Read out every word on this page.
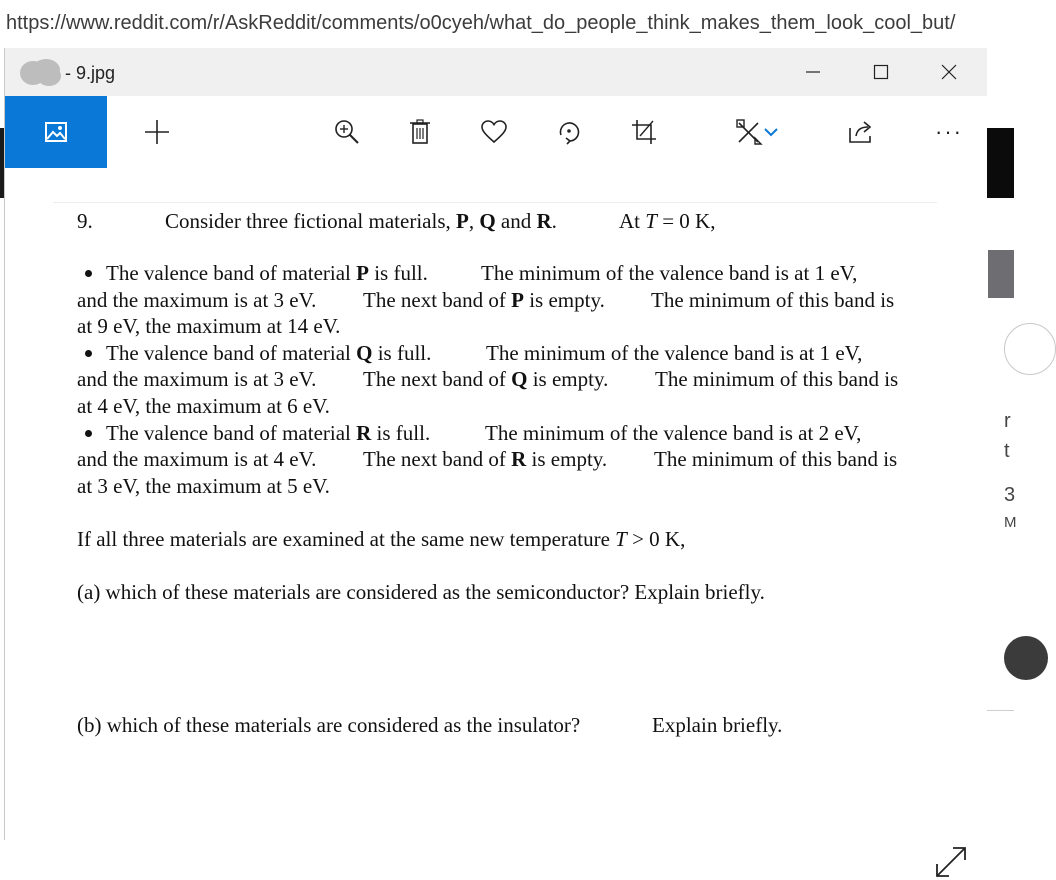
https://www.reddit.com/r/AskReddit/comments/o0cyeh/what_do_people_think_makes_them_look_cool_but/
r
t
3
M
- 9.jpg
···
9.	Consider three fictional materials, P, Q and R.	At T = 0 K,
The valence band of material P is full.	The minimum of the valence band is at 1 eV,
and the maximum is at 3 eV. The next band of P is empty. The minimum of this band is
at 9 eV, the maximum at 14 eV.
The valence band of material Q is full.	The minimum of the valence band is at 1 eV,
and the maximum is at 3 eV. The next band of Q is empty. The minimum of this band is
at 4 eV, the maximum at 6 eV.
The valence band of material R is full.	The minimum of the valence band is at 2 eV,
and the maximum is at 4 eV. The next band of R is empty. The minimum of this band is
at 3 eV, the maximum at 5 eV.
If all three materials are examined at the same new temperature T > 0 K,
(a) which of these materials are considered as the semiconductor? Explain briefly.
(b) which of these materials are considered as the insulator?	Explain briefly.
